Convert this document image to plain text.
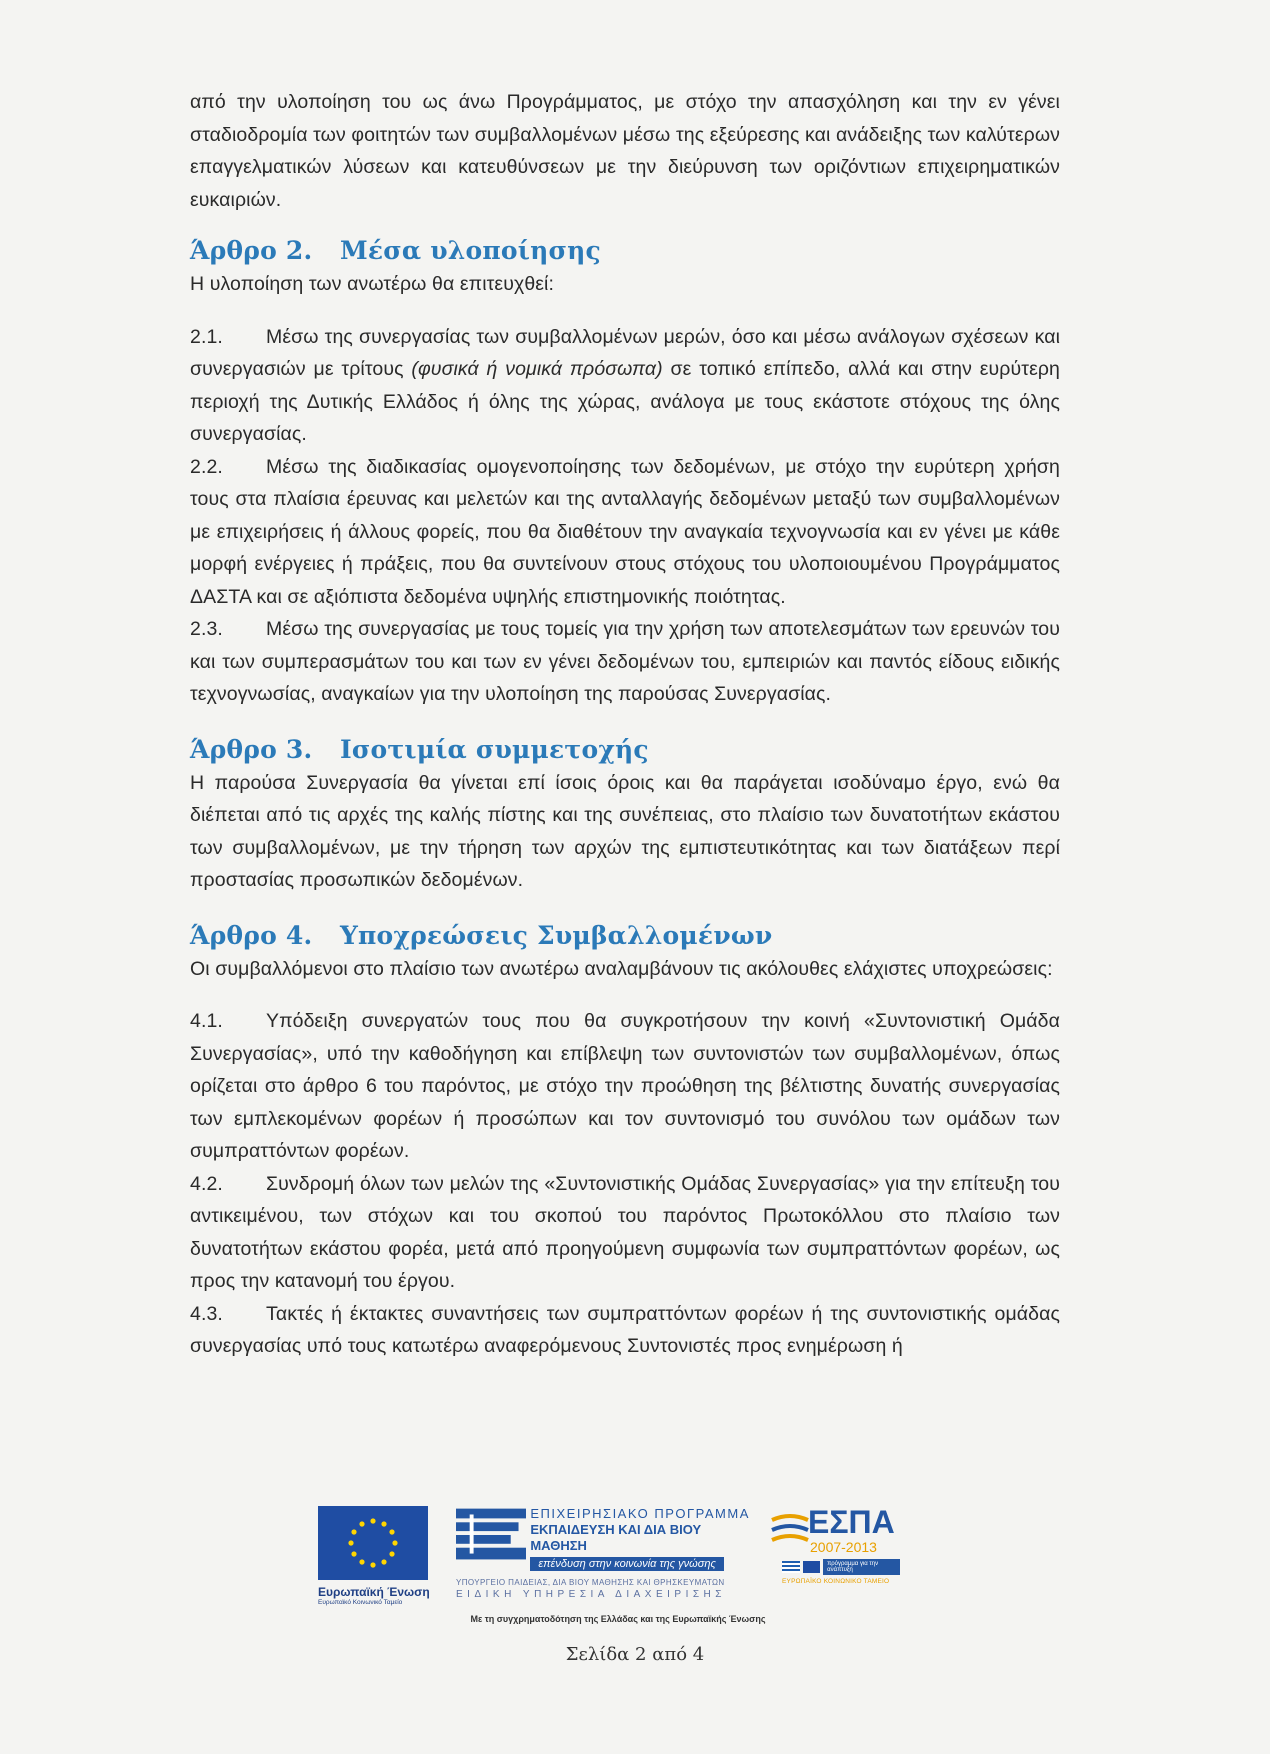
από την υλοποίηση του ως άνω Προγράμματος, με στόχο την απασχόληση και την εν γένει σταδιοδρομία των φοιτητών των συμβαλλομένων μέσω της εξεύρεσης και ανάδειξης των καλύτερων επαγγελματικών λύσεων και κατευθύνσεων με την διεύρυνση των οριζόντιων επιχειρηματικών ευκαιριών.

Άρθρο 2. Μέσα υλοποίησης

Η υλοποίηση των ανωτέρω θα επιτευχθεί:

2.1. Μέσω της συνεργασίας των συμβαλλομένων μερών, όσο και μέσω ανάλογων σχέσεων και συνεργασιών με τρίτους (φυσικά ή νομικά πρόσωπα) σε τοπικό επίπεδο, αλλά και στην ευρύτερη περιοχή της Δυτικής Ελλάδος ή όλης της χώρας, ανάλογα με τους εκάστοτε στόχους της όλης συνεργασίας.

2.2. Μέσω της διαδικασίας ομογενοποίησης των δεδομένων, με στόχο την ευρύτερη χρήση τους στα πλαίσια έρευνας και μελετών και της ανταλλαγής δεδομένων μεταξύ των συμβαλλομένων με επιχειρήσεις ή άλλους φορείς, που θα διαθέτουν την αναγκαία τεχνογνωσία και εν γένει με κάθε μορφή ενέργειες ή πράξεις, που θα συντείνουν στους στόχους του υλοποιουμένου Προγράμματος ΔΑΣΤΑ και σε αξιόπιστα δεδομένα υψηλής επιστημονικής ποιότητας.

2.3. Μέσω της συνεργασίας με τους τομείς για την χρήση των αποτελεσμάτων των ερευνών του και των συμπερασμάτων του και των εν γένει δεδομένων του, εμπειριών και παντός είδους ειδικής τεχνογνωσίας, αναγκαίων για την υλοποίηση της παρούσας Συνεργασίας.

Άρθρο 3. Ισοτιμία συμμετοχής

Η παρούσα Συνεργασία θα γίνεται επί ίσοις όροις και θα παράγεται ισοδύναμο έργο, ενώ θα διέπεται από τις αρχές της καλής πίστης και της συνέπειας, στο πλαίσιο των δυνατοτήτων εκάστου των συμβαλλομένων, με την τήρηση των αρχών της εμπιστευτικότητας και των διατάξεων περί προστασίας προσωπικών δεδομένων.

Άρθρο 4. Υποχρεώσεις Συμβαλλομένων

Οι συμβαλλόμενοι στο πλαίσιο των ανωτέρω αναλαμβάνουν τις ακόλουθες ελάχιστες υποχρεώσεις:

4.1. Υπόδειξη συνεργατών τους που θα συγκροτήσουν την κοινή «Συντονιστική Ομάδα Συνεργασίας», υπό την καθοδήγηση και επίβλεψη των συντονιστών των συμβαλλομένων, όπως ορίζεται στο άρθρο 6 του παρόντος, με στόχο την προώθηση της βέλτιστης δυνατής συνεργασίας των εμπλεκομένων φορέων ή προσώπων και τον συντονισμό του συνόλου των ομάδων των συμπραττόντων φορέων.

4.2. Συνδρομή όλων των μελών της «Συντονιστικής Ομάδας Συνεργασίας» για την επίτευξη του αντικειμένου, των στόχων και του σκοπού του παρόντος Πρωτοκόλλου στο πλαίσιο των δυνατοτήτων εκάστου φορέα, μετά από προηγούμενη συμφωνία των συμπραττόντων φορέων, ως προς την κατανομή του έργου.

4.3. Τακτές ή έκτακτες συναντήσεις των συμπραττόντων φορέων ή της συντονιστικής ομάδας συνεργασίας υπό τους κατωτέρω αναφερόμενους Συντονιστές προς ενημέρωση ή

Ευρωπαϊκή Ένωση
Ευρωπαϊκό Κοινωνικό Ταμείο
ΕΠΙΧΕΙΡΗΣΙΑΚΟ ΠΡΟΓΡΑΜΜΑ
ΕΚΠΑΙΔΕΥΣΗ ΚΑΙ ΔΙΑ ΒΙΟΥ ΜΑΘΗΣΗ
επένδυση στην κοινωνία της γνώσης
ΥΠΟΥΡΓΕΙΟ ΠΑΙΔΕΙΑΣ, ΔΙΑ ΒΙΟΥ ΜΑΘΗΣΗΣ ΚΑΙ ΘΡΗΣΚΕΥΜΑΤΩΝ
ΕΙΔΙΚΗ ΥΠΗΡΕΣΙΑ ΔΙΑΧΕΙΡΙΣΗΣ
ΕΣΠΑ
2007-2013
πρόγραμμα για την ανάπτυξη
ΕΥΡΩΠΑΪΚΟ ΚΟΙΝΩΝΙΚΟ ΤΑΜΕΙΟ
Με τη συγχρηματοδότηση της Ελλάδας και της Ευρωπαϊκής Ένωσης
Σελίδα 2 από 4
